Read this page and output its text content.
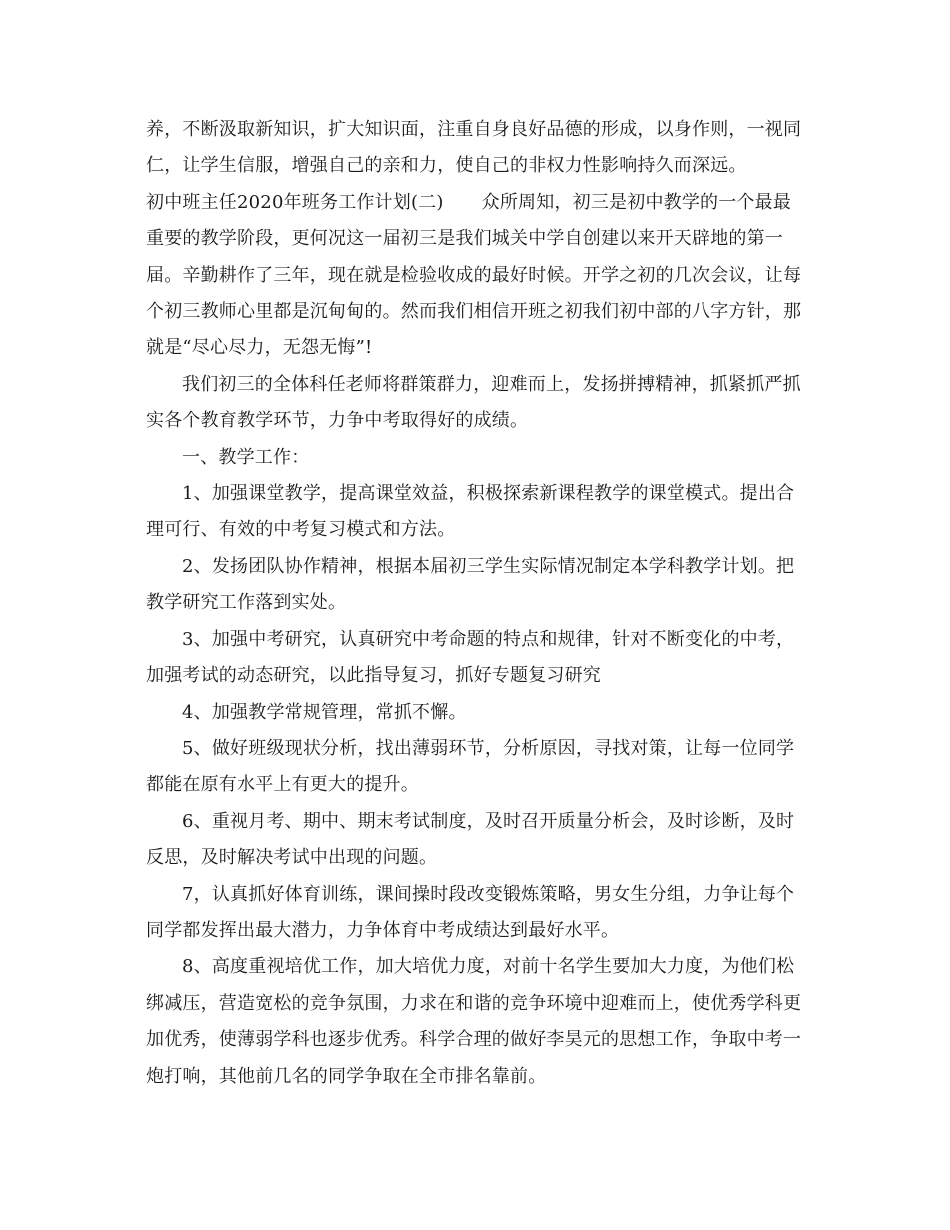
养，不断汲取新知识，扩大知识面，注重自身良好品德的形成，以身作则，一视同仁，让学生信服，增强自己的亲和力，使自己的非权力性影响持久而深远。

初中班主任2020年班务工作计划(二) 众所周知，初三是初中教学的一个最最重要的教学阶段，更何况这一届初三是我们城关中学自创建以来开天辟地的第一届。辛勤耕作了三年，现在就是检验收成的最好时候。开学之初的几次会议，让每个初三教师心里都是沉甸甸的。然而我们相信开班之初我们初中部的八字方针，那就是“尽心尽力，无怨无悔”!

我们初三的全体科任老师将群策群力，迎难而上，发扬拼搏精神，抓紧抓严抓实各个教育教学环节，力争中考取得好的成绩。

一、教学工作：

1、加强课堂教学，提高课堂效益，积极探索新课程教学的课堂模式。提出合理可行、有效的中考复习模式和方法。

2、发扬团队协作精神，根据本届初三学生实际情况制定本学科教学计划。把教学研究工作落到实处。

3、加强中考研究，认真研究中考命题的特点和规律，针对不断变化的中考，加强考试的动态研究，以此指导复习，抓好专题复习研究

4、加强教学常规管理，常抓不懈。

5、做好班级现状分析，找出薄弱环节，分析原因，寻找对策，让每一位同学都能在原有水平上有更大的提升。

6、重视月考、期中、期末考试制度，及时召开质量分析会，及时诊断，及时反思，及时解决考试中出现的问题。

7，认真抓好体育训练，课间操时段改变锻炼策略，男女生分组，力争让每个同学都发挥出最大潜力，力争体育中考成绩达到最好水平。

8、高度重视培优工作，加大培优力度，对前十名学生要加大力度，为他们松绑减压，营造宽松的竞争氛围，力求在和谐的竞争环境中迎难而上，使优秀学科更加优秀，使薄弱学科也逐步优秀。科学合理的做好李昊元的思想工作，争取中考一炮打响，其他前几名的同学争取在全市排名靠前。
